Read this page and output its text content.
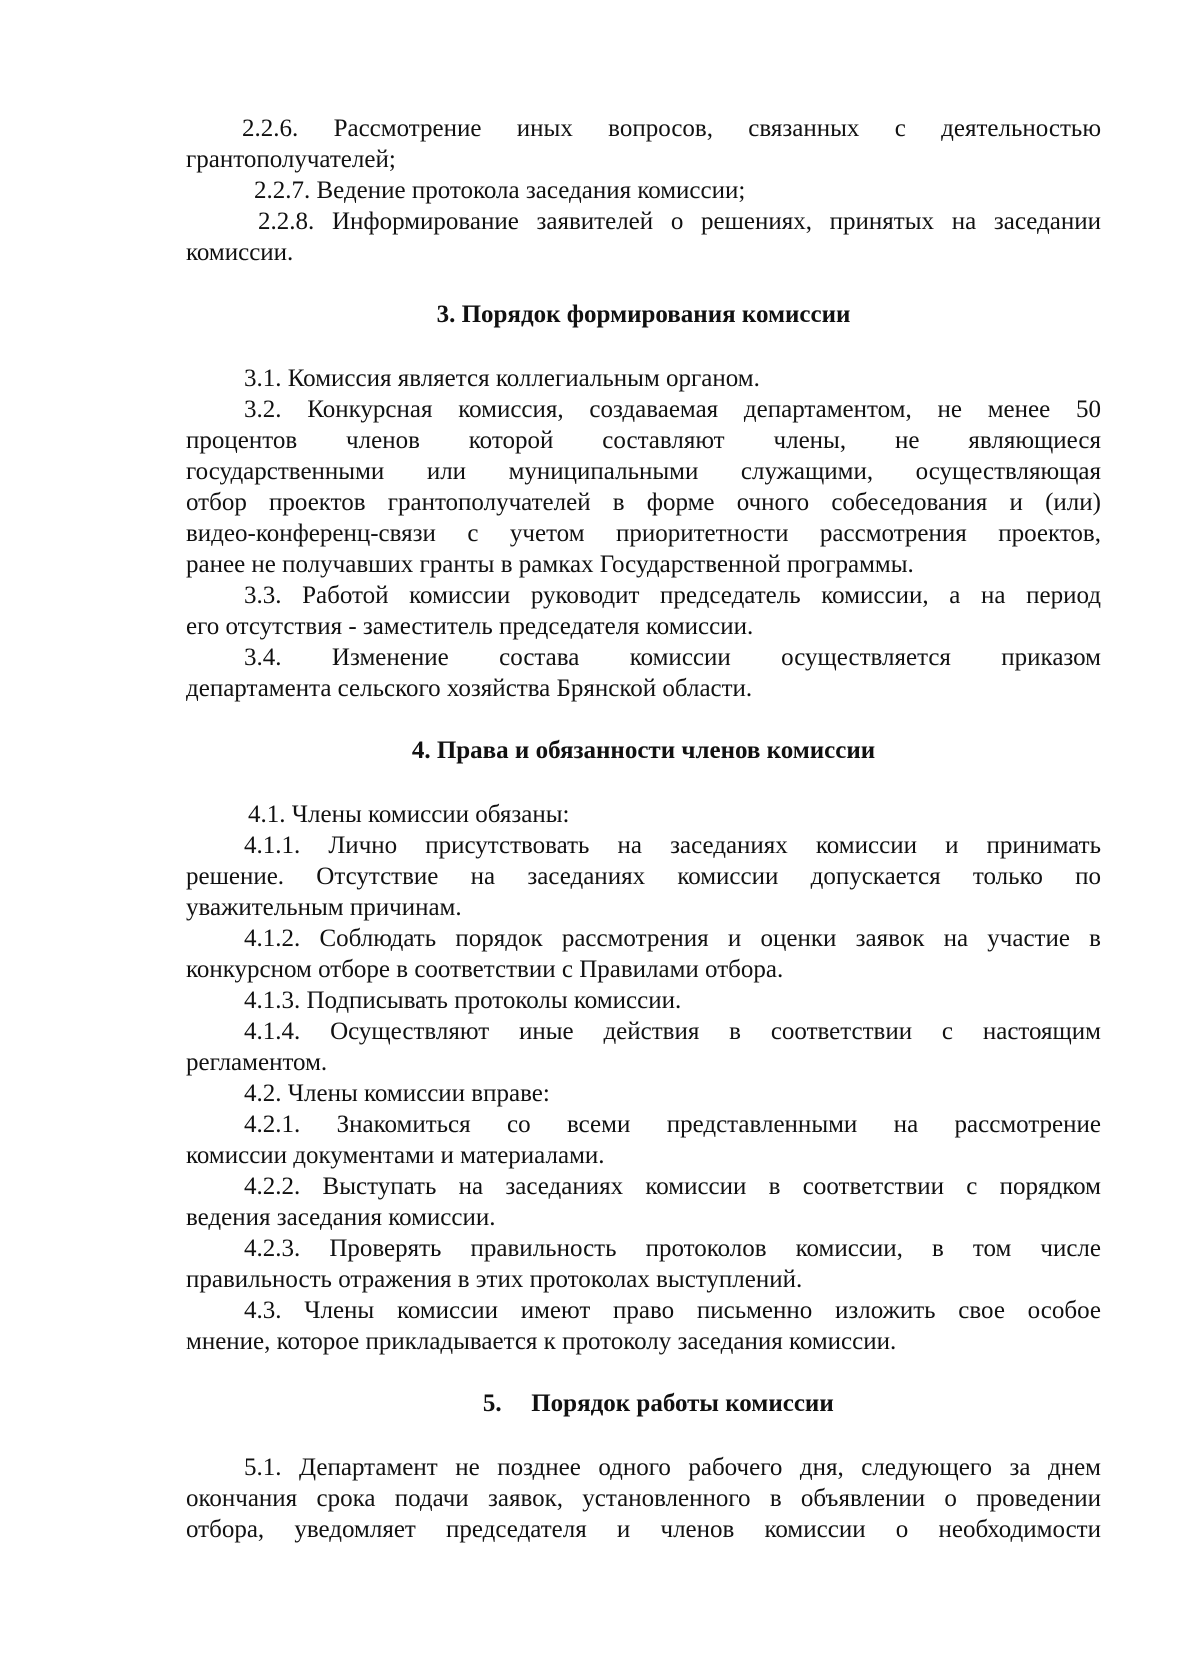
2.2.6. Рассмотрение иных вопросов, связанных с деятельностью
грантополучателей;
2.2.7. Ведение протокола заседания комиссии;
2.2.8. Информирование заявителей о решениях, принятых на заседании
комиссии.
3. Порядок формирования комиссии
3.1. Комиссия является коллегиальным органом.
3.2. Конкурсная комиссия, создаваемая департаментом, не менее 50
процентов членов которой составляют члены, не являющиеся
государственными или муниципальными служащими, осуществляющая
отбор проектов грантополучателей в форме очного собеседования и (или)
видео-конференц-связи с учетом приоритетности рассмотрения проектов,
ранее не получавших гранты в рамках Государственной программы.
3.3. Работой комиссии руководит председатель комиссии, а на период
его отсутствия - заместитель председателя комиссии.
3.4. Изменение состава комиссии осуществляется приказом
департамента сельского хозяйства Брянской области.
4. Права и обязанности членов комиссии
4.1. Члены комиссии обязаны:
4.1.1. Лично присутствовать на заседаниях комиссии и принимать
решение. Отсутствие на заседаниях комиссии допускается только по
уважительным причинам.
4.1.2. Соблюдать порядок рассмотрения и оценки заявок на участие в
конкурсном отборе в соответствии с Правилами отбора.
4.1.3. Подписывать протоколы комиссии.
4.1.4. Осуществляют иные действия в соответствии с настоящим
регламентом.
4.2. Члены комиссии вправе:
4.2.1. Знакомиться со всеми представленными на рассмотрение
комиссии документами и материалами.
4.2.2. Выступать на заседаниях комиссии в соответствии с порядком
ведения заседания комиссии.
4.2.3. Проверять правильность протоколов комиссии, в том числе
правильность отражения в этих протоколах выступлений.
4.3. Члены комиссии имеют право письменно изложить свое особое
мнение, которое прикладывается к протоколу заседания комиссии.
5. Порядок работы комиссии
5.1. Департамент не позднее одного рабочего дня, следующего за днем
окончания срока подачи заявок, установленного в объявлении о проведении
отбора, уведомляет председателя и членов комиссии о необходимости
